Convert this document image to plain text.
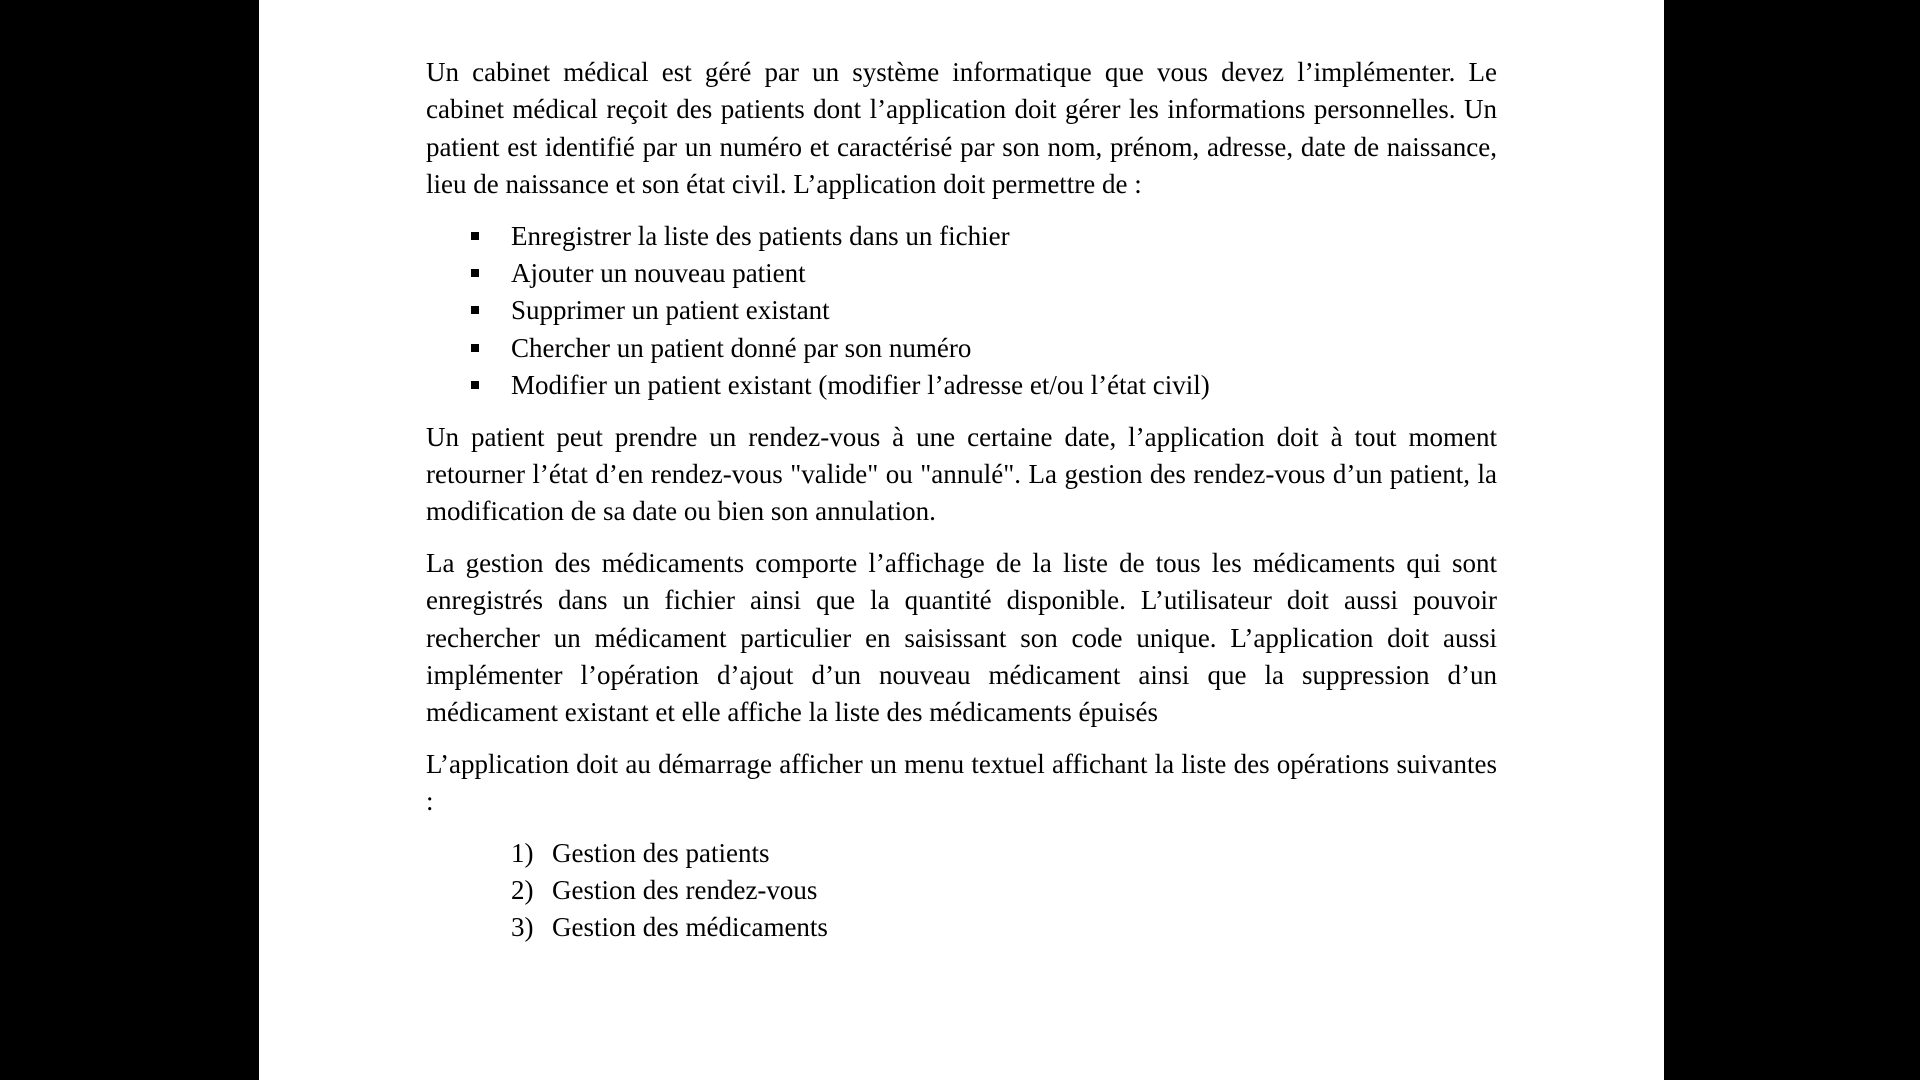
Un cabinet médical est géré par un système informatique que vous devez l’implémenter. Le cabinet médical reçoit des patients dont l’application doit gérer les informations personnelles. Un patient est identifié par un numéro et caractérisé par son nom, prénom, adresse, date de naissance, lieu de naissance et son état civil. L’application doit permettre de :

Enregistrer la liste des patients dans un fichier
Ajouter un nouveau patient
Supprimer un patient existant
Chercher un patient donné par son numéro
Modifier un patient existant (modifier l’adresse et/ou l’état civil)

Un patient peut prendre un rendez-vous à une certaine date, l’application doit à tout moment retourner l’état d’en rendez-vous "valide" ou "annulé". La gestion des rendez-vous d’un patient, la modification de sa date ou bien son annulation.

La gestion des médicaments comporte l’affichage de la liste de tous les médicaments qui sont enregistrés dans un fichier ainsi que la quantité disponible. L’utilisateur doit aussi pouvoir rechercher un médicament particulier en saisissant son code unique. L’application doit aussi implémenter l’opération d’ajout d’un nouveau médicament ainsi que la suppression d’un médicament existant et elle affiche la liste des médicaments épuisés

L’application doit au démarrage afficher un menu textuel affichant la liste des opérations suivantes :

1) Gestion des patients
2) Gestion des rendez-vous
3) Gestion des médicaments
